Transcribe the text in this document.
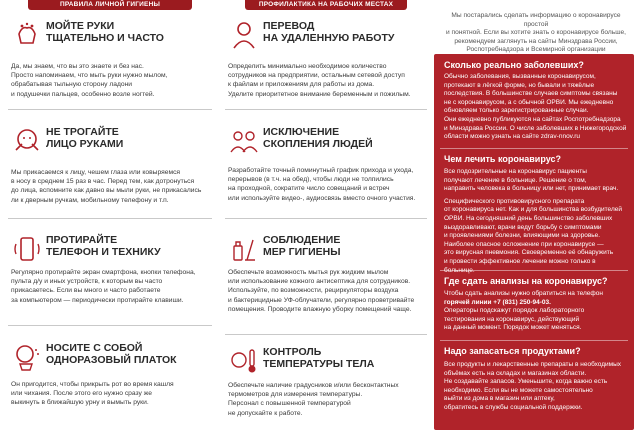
ПРАВИЛА ЛИЧНОЙ ГИГИЕНЫ
МОЙТЕ РУКИ
ТЩАТЕЛЬНО И ЧАСТО
Да, мы знаем, что вы это знаете и без нас.
Просто напоминаем, что мыть руки нужно мылом,
обрабатывая тыльную сторону ладони
и подушечки пальцев, особенно возле ногтей.
НЕ ТРОГАЙТЕ
ЛИЦО РУКАМИ
Мы прикасаемся к лицу, чешем глаза или ковыряемся
в носу в среднем 15 раз в час. Перед тем, как дотронуться
до лица, вспомните как давно вы мыли руки, не прикасались
ли к дверным ручкам, мобильному телефону и т.п.
ПРОТИРАЙТЕ
ТЕЛЕФОН И ТЕХНИКУ
Регулярно протирайте экран смартфона, кнопки телефона,
пульта д/у и иных устройств, к которым вы часто
прикасаетесь. Если вы много и часто работаете
за компьютером — периодически протирайте клавиши.
НОСИТЕ С СОБОЙ
ОДНОРАЗОВЫЙ ПЛАТОК
Он пригодится, чтобы прикрыть рот во время кашля
или чихания. После этого его нужно сразу же
выкинуть в ближайшую урну и вымыть руки.
ПРОФИЛАКТИКА НА РАБОЧИХ МЕСТАХ
ПЕРЕВОД
НА УДАЛЕННУЮ РАБОТУ
Определить минимально необходимое количество
сотрудников на предприятии, остальным сетевой доступ
к файлам и приложениям для работы из дома.
Уделите приоритетное внимание беременным и пожилым.
ИСКЛЮЧЕНИЕ
СКОПЛЕНИЯ ЛЮДЕЙ
Разработайте точный поминутный график прихода и ухода,
перерывов (в т.ч. на обед), чтобы люди не толпились
на проходной, сократите число совещаний и встреч
или используйте видео-, аудиосвязь вместо очного участия.
СОБЛЮДЕНИЕ
МЕР ГИГИЕНЫ
Обеспечьте возможность мытья рук жидким мылом
или использование кожного антисептика для сотрудников.
Используйте, по возможности, рециркуляторы воздуха
и бактерицидные УФ-облучатели, регулярно проветривайте
помещения. Проводите влажную уборку помещений чаще.
КОНТРОЛЬ
ТЕМПЕРАТУРЫ ТЕЛА
Обеспечьте наличие градусников и/или бесконтактных
термометров для измерения температуры.
Персонал с повышенной температурой
не допускайте к работе.
Мы постарались сделать информацию о коронавирусе простой
и понятной. Если вы хотите знать о коронавирусе больше,
рекомендуем заглянуть на сайты Минздрава России,
Роспотребнадзора и Всемирной организации
Сколько реально заболевших?
Обычно заболевания, вызванные коронавирусом,
протекают в лёгкой форме, но бывали и тяжёлые
последствия. В большинстве случаев симптомы связаны
не с коронавирусом, а с обычной ОРВИ. Мы ежедневно
обновляем только зарегистрированные случаи.
Они ежедневно публикуются на сайтах Роспотребнадзора
и Минздрава России. О числе заболевших в Нижегородской
области можно узнать на сайте zdrav-nnov.ru
Чем лечить коронавирус?
Все подозрительные на коронавирус пациенты
получают лечение в больнице. Решение о том,
направить человека в больницу или нет, принимает врач.
Специфического противовирусного препарата
от коронавируса нет. Как и для большинства возбудителей
ОРВИ. На сегодняшний день большинство заболевших
выздоравливают, врачи ведут борьбу с симптомами
и проявлениями болезни, влияющими на здоровье.
Наиболее опасное осложнение при коронавирусе —
это вирусная пневмония. Своевременно её обнаружить
и провести эффективное лечение можно только в больнице.
Где сдать анализы на коронавирус?
Чтобы сдать анализы нужно обратиться на телефон
горячей линии +7 (831) 250-94-03.
Операторы подскажут порядок лабораторного
тестирования на коронавирус, действующий
на данный момент. Порядок может меняться.
Надо запасаться продуктами?
Все продукты и лекарственные препараты в необходимых
объёмах есть на складах и магазинах области.
Не создавайте запасов. Уменьшите, когда важно есть
необходимо. Если вы не можете самостоятельно
выйти из дома в магазин или аптеку,
обратитесь в службы социальной поддержки.
